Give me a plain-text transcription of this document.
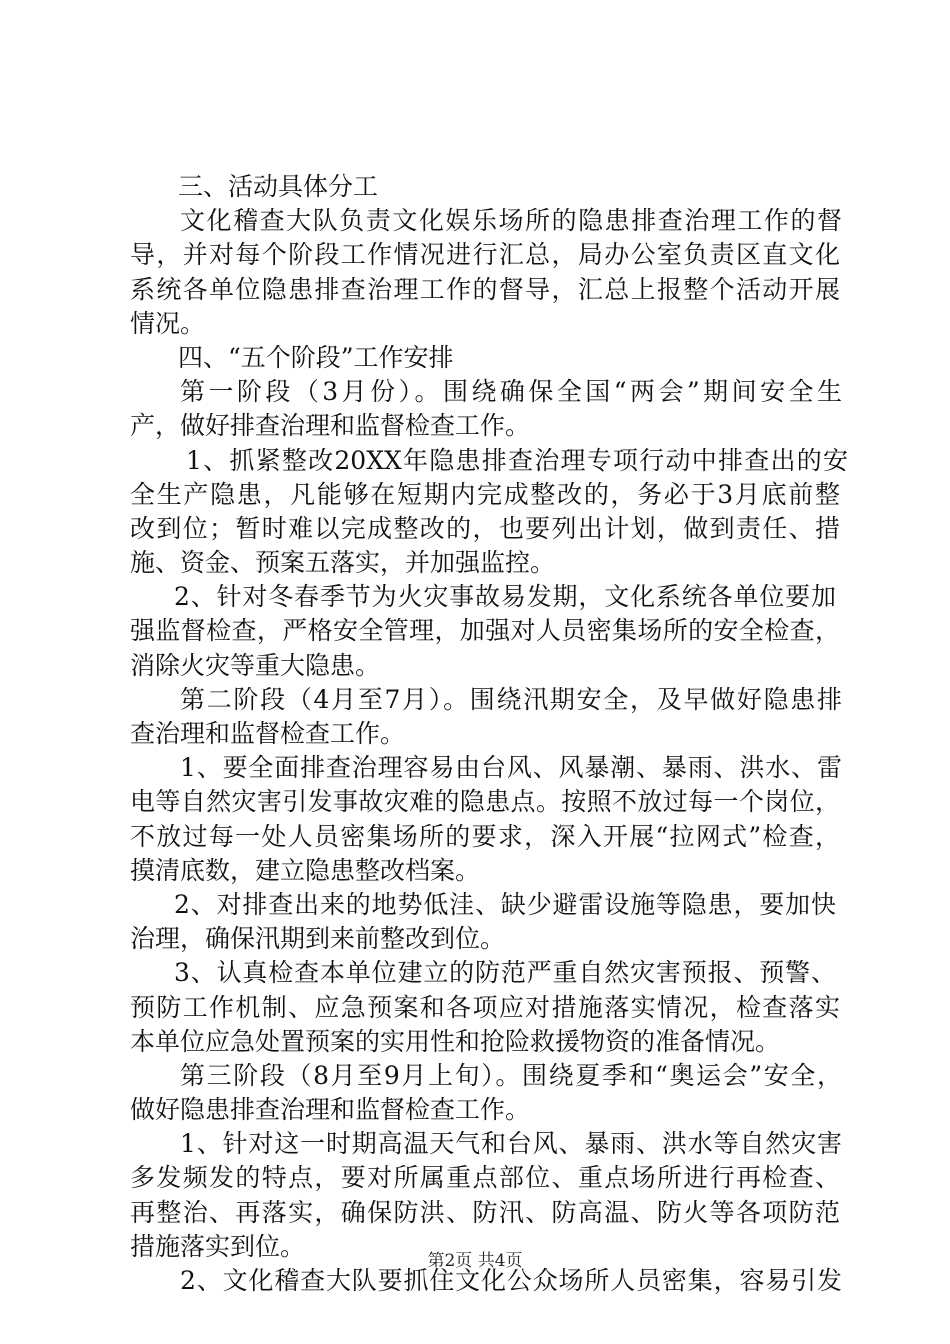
三、活动具体分工
文化稽查大队负责文化娱乐场所的隐患排查治理工作的督
导，并对每个阶段工作情况进行汇总，局办公室负责区直文化
系统各单位隐患排查治理工作的督导，汇总上报整个活动开展
情况。
四、“五个阶段”工作安排
第一阶段（3月份）。围绕确保全国“两会”期间安全生
产，做好排查治理和监督检查工作。
1、抓紧整改20XX年隐患排查治理专项行动中排查出的安
全生产隐患，凡能够在短期内完成整改的，务必于3月底前整
改到位；暂时难以完成整改的，也要列出计划，做到责任、措
施、资金、预案五落实，并加强监控。
2、针对冬春季节为火灾事故易发期，文化系统各单位要加
强监督检查，严格安全管理，加强对人员密集场所的安全检查，
消除火灾等重大隐患。
第二阶段（4月至7月）。围绕汛期安全，及早做好隐患排
查治理和监督检查工作。
1、要全面排查治理容易由台风、风暴潮、暴雨、洪水、雷
电等自然灾害引发事故灾难的隐患点。按照不放过每一个岗位，
不放过每一处人员密集场所的要求，深入开展“拉网式”检查，
摸清底数，建立隐患整改档案。
2、对排查出来的地势低洼、缺少避雷设施等隐患，要加快
治理，确保汛期到来前整改到位。
3、认真检查本单位建立的防范严重自然灾害预报、预警、
预防工作机制、应急预案和各项应对措施落实情况，检查落实
本单位应急处置预案的实用性和抢险救援物资的准备情况。
第三阶段（8月至9月上旬）。围绕夏季和“奥运会”安全，
做好隐患排查治理和监督检查工作。
1、针对这一时期高温天气和台风、暴雨、洪水等自然灾害
多发频发的特点，要对所属重点部位、重点场所进行再检查、
再整治、再落实，确保防洪、防汛、防高温、防火等各项防范
措施落实到位。
2、文化稽查大队要抓住文化公众场所人员密集，容易引发
第2页 共4页
